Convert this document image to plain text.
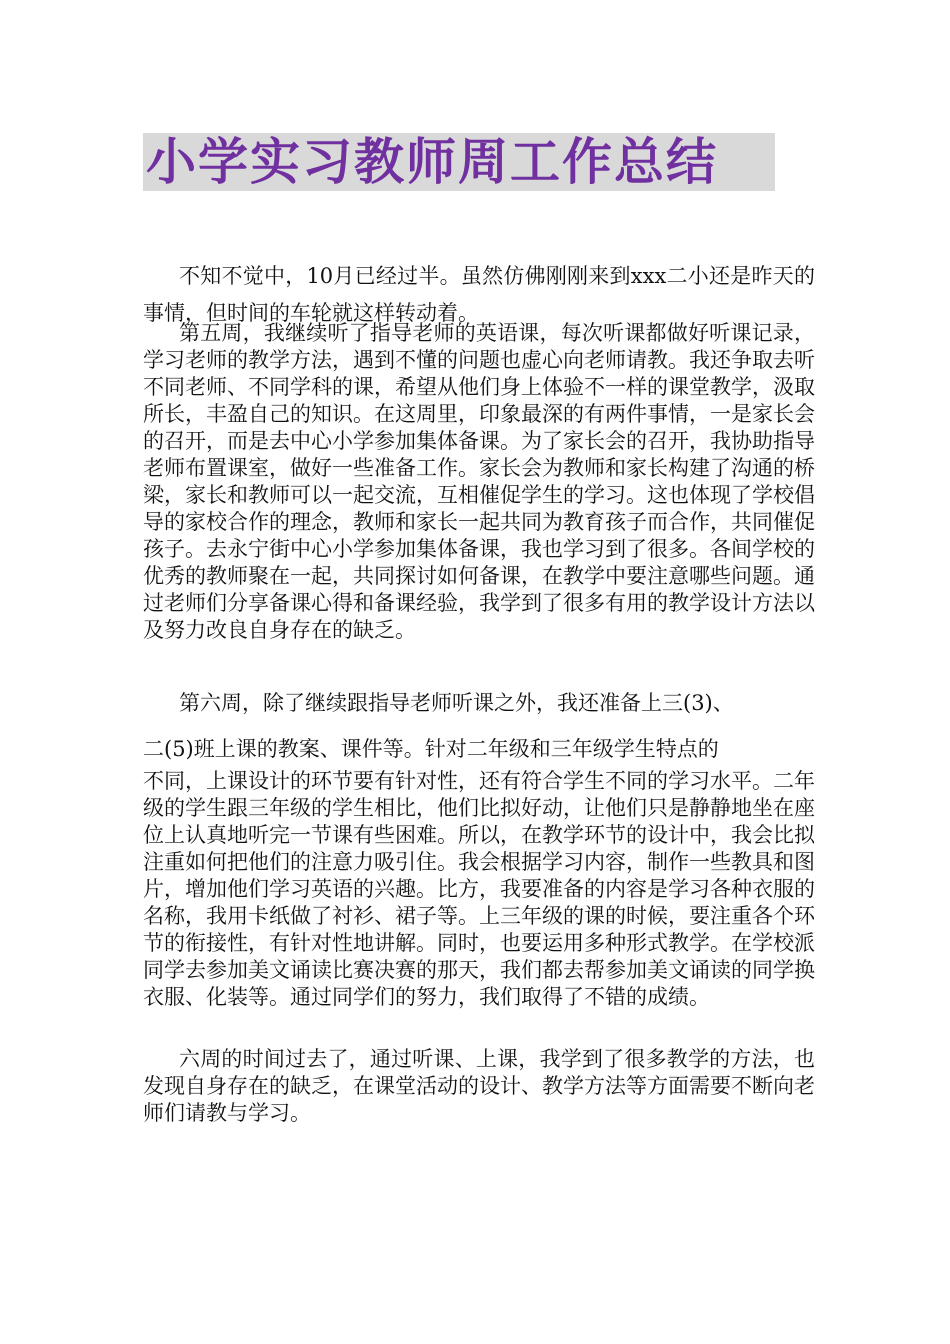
小学实习教师周工作总结

不知不觉中，10月已经过半。虽然仿佛刚刚来到xxx二小还是昨天的事情，但时间的车轮就这样转动着。

第五周，我继续听了指导老师的英语课，每次听课都做好听课记录，学习老师的教学方法，遇到不懂的问题也虚心向老师请教。我还争取去听不同老师、不同学科的课，希望从他们身上体验不一样的课堂教学，汲取所长，丰盈自己的知识。在这周里，印象最深的有两件事情，一是家长会的召开，而是去中心小学参加集体备课。为了家长会的召开，我协助指导老师布置课室，做好一些准备工作。家长会为教师和家长构建了沟通的桥梁，家长和教师可以一起交流，互相催促学生的学习。这也体现了学校倡导的家校合作的理念，教师和家长一起共同为教育孩子而合作，共同催促孩子。去永宁街中心小学参加集体备课，我也学习到了很多。各间学校的优秀的教师聚在一起，共同探讨如何备课，在教学中要注意哪些问题。通过老师们分享备课心得和备课经验，我学到了很多有用的教学设计方法以及努力改良自身存在的缺乏。

第六周，除了继续跟指导老师听课之外，我还准备上三(3)、

二(5)班上课的教案、课件等。针对二年级和三年级学生特点的

不同，上课设计的环节要有针对性，还有符合学生不同的学习水平。二年级的学生跟三年级的学生相比，他们比拟好动，让他们只是静静地坐在座位上认真地听完一节课有些困难。所以，在教学环节的设计中，我会比拟注重如何把他们的注意力吸引住。我会根据学习内容，制作一些教具和图片，增加他们学习英语的兴趣。比方，我要准备的内容是学习各种衣服的名称，我用卡纸做了衬衫、裙子等。上三年级的课的时候，要注重各个环节的衔接性，有针对性地讲解。同时，也要运用多种形式教学。在学校派同学去参加美文诵读比赛决赛的那天，我们都去帮参加美文诵读的同学换衣服、化装等。通过同学们的努力，我们取得了不错的成绩。

六周的时间过去了，通过听课、上课，我学到了很多教学的方法，也发现自身存在的缺乏，在课堂活动的设计、教学方法等方面需要不断向老师们请教与学习。
